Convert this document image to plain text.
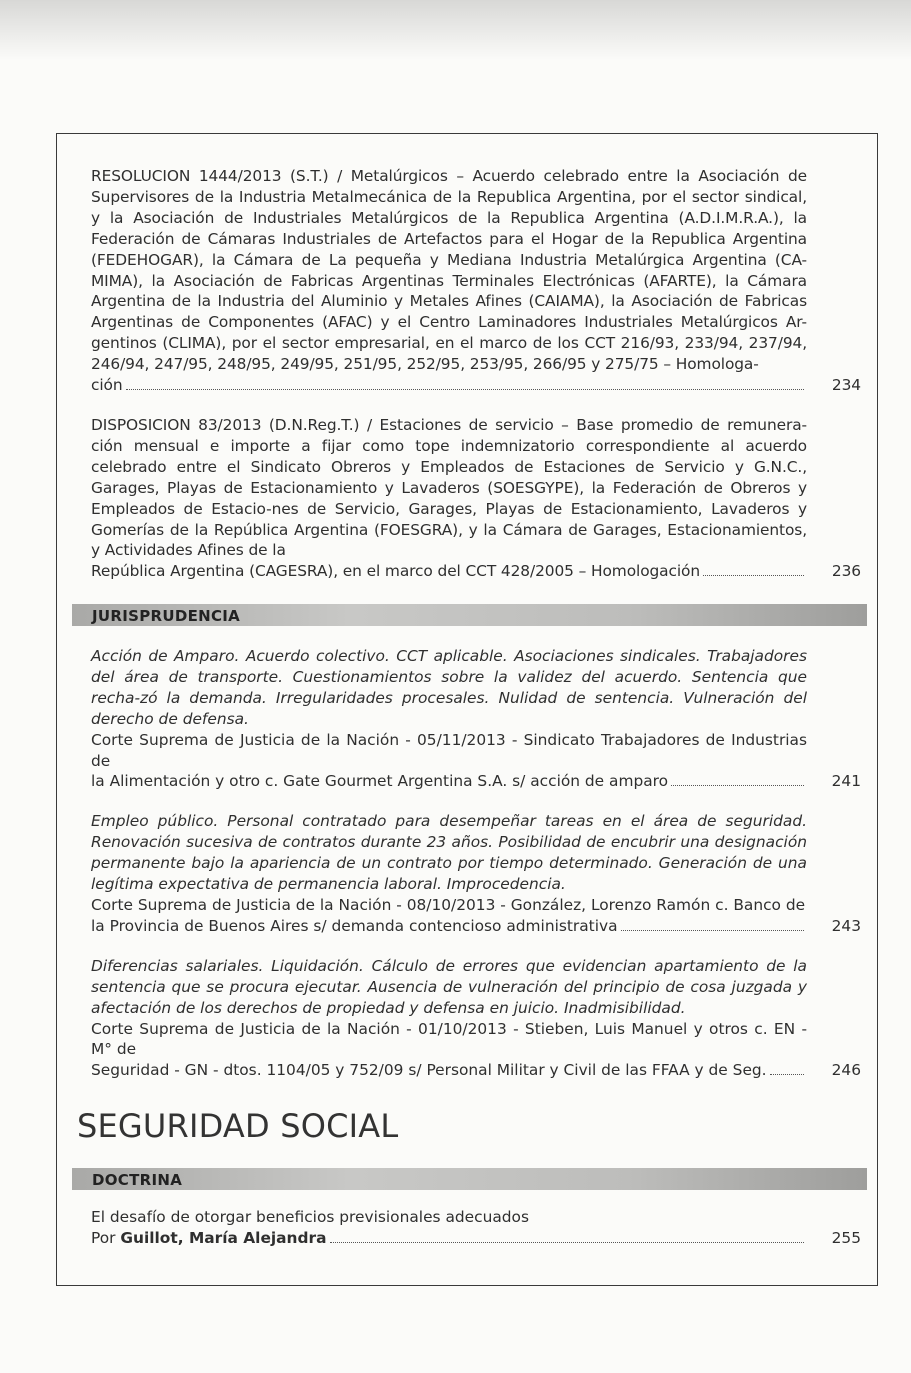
RESOLUCION 1444/2013 (S.T.) / Metalúrgicos – Acuerdo celebrado entre la Asociación de Supervisores de la Industria Metalmecánica de la Republica Argentina, por el sector sindical, y la Asociación de Industriales Metalúrgicos de la Republica Argentina (A.D.I.M.R.A.), la Federación de Cámaras Industriales de Artefactos para el Hogar de la Republica Argentina (FEDEHOGAR), la Cámara de La pequeña y Mediana Industria Metalúrgica Argentina (CA-MIMA), la Asociación de Fabricas Argentinas Terminales Electrónicas (AFARTE), la Cámara Argentina de la Industria del Aluminio y Metales Afines (CAIAMA), la Asociación de Fabricas Argentinas de Componentes (AFAC) y el Centro Laminadores Industriales Metalúrgicos Ar-gentinos (CLIMA), por el sector empresarial, en el marco de los CCT 216/93, 233/94, 237/94, 246/94, 247/95, 248/95, 249/95, 251/95, 252/95, 253/95, 266/95 y 275/75 – Homologa-
ción	234
DISPOSICION 83/2013 (D.N.Reg.T.) / Estaciones de servicio – Base promedio de remunera-ción mensual e importe a fijar como tope indemnizatorio correspondiente al acuerdo celebrado entre el Sindicato Obreros y Empleados de Estaciones de Servicio y G.N.C., Garages, Playas de Estacionamiento y Lavaderos (SOESGYPE), la Federación de Obreros y Empleados de Estacio-nes de Servicio, Garages, Playas de Estacionamiento, Lavaderos y Gomerías de la República Argentina (FOESGRA), y la Cámara de Garages, Estacionamientos, y Actividades Afines de la
República Argentina (CAGESRA), en el marco del CCT 428/2005 – Homologación	236
JURISPRUDENCIA
Acción de Amparo. Acuerdo colectivo. CCT aplicable. Asociaciones sindicales. Trabajadores del área de transporte. Cuestionamientos sobre la validez del acuerdo. Sentencia que recha-zó la demanda. Irregularidades procesales. Nulidad de sentencia. Vulneración del derecho de defensa.
Corte Suprema de Justicia de la Nación - 05/11/2013 - Sindicato Trabajadores de Industrias de
la Alimentación y otro c. Gate Gourmet Argentina S.A. s/ acción de amparo	241
Empleo público. Personal contratado para desempeñar tareas en el área de seguridad. Renovación sucesiva de contratos durante 23 años. Posibilidad de encubrir una designación permanente bajo la apariencia de un contrato por tiempo determinado. Generación de una legítima expectativa de permanencia laboral. Improcedencia.
Corte Suprema de Justicia de la Nación - 08/10/2013 - González, Lorenzo Ramón c. Banco de
la Provincia de Buenos Aires s/ demanda contencioso administrativa	243
Diferencias salariales. Liquidación. Cálculo de errores que evidencian apartamiento de la sentencia que se procura ejecutar. Ausencia de vulneración del principio de cosa juzgada y afectación de los derechos de propiedad y defensa en juicio. Inadmisibilidad.
Corte Suprema de Justicia de la Nación - 01/10/2013 - Stieben, Luis Manuel y otros c. EN - M° de
Seguridad - GN - dtos. 1104/05 y 752/09 s/ Personal Militar y Civil de las FFAA y de Seg.	246
SEGURIDAD SOCIAL
DOCTRINA
El desafío de otorgar beneficios previsionales adecuados
Por
Guillot, María Alejandra	255
